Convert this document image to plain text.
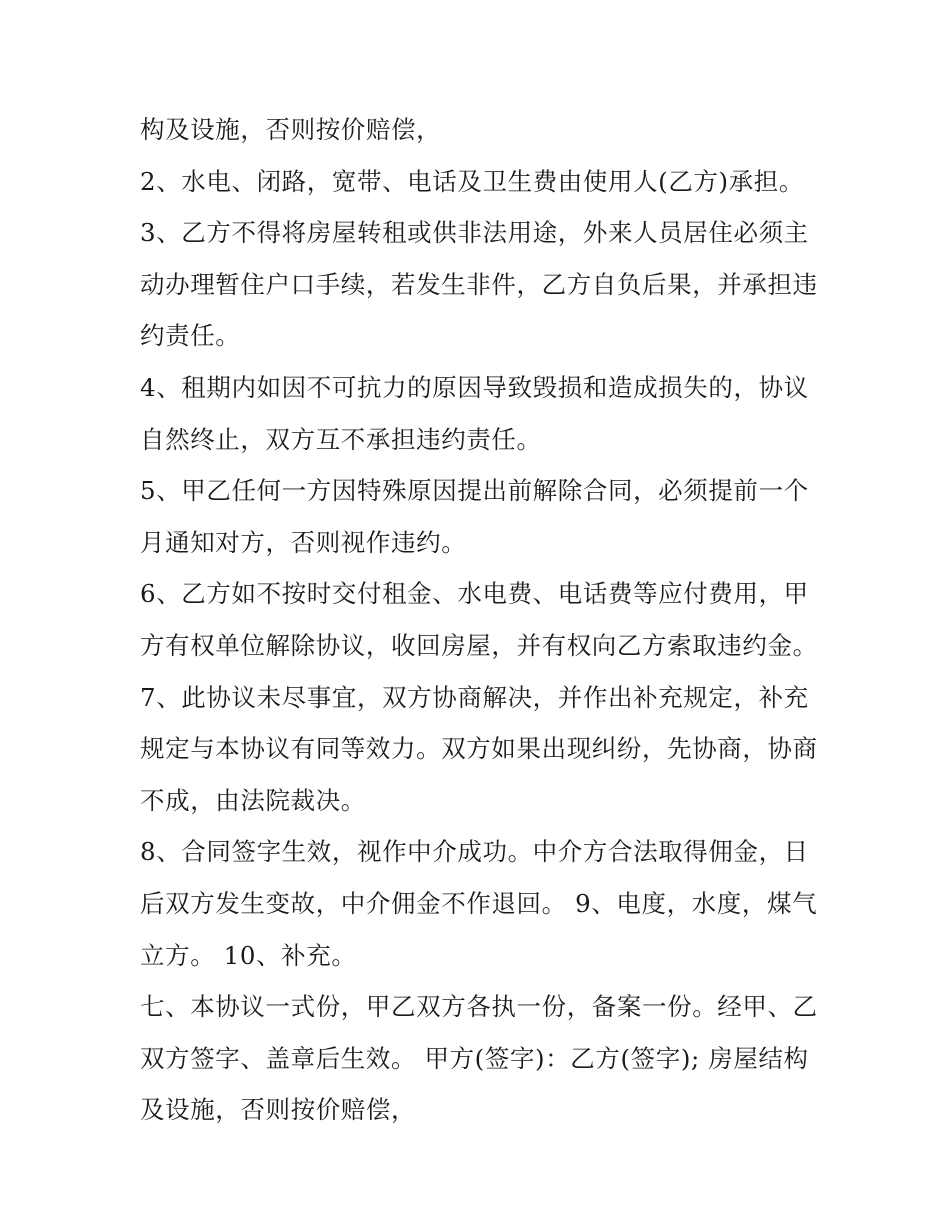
构及设施，否则按价赔偿，
2、水电、闭路，宽带、电话及卫生费由使用人(乙方)承担。
3、乙方不得将房屋转租或供非法用途，外来人员居住必须主
动办理暂住户口手续，若发生非件，乙方自负后果，并承担违
约责任。
4、租期内如因不可抗力的原因导致毁损和造成损失的，协议
自然终止，双方互不承担违约责任。
5、甲乙任何一方因特殊原因提出前解除合同，必须提前一个
月通知对方，否则视作违约。
6、乙方如不按时交付租金、水电费、电话费等应付费用，甲
方有权单位解除协议，收回房屋，并有权向乙方索取违约金。
7、此协议未尽事宜，双方协商解决，并作出补充规定，补充
规定与本协议有同等效力。双方如果出现纠纷，先协商，协商
不成，由法院裁决。
8、合同签字生效，视作中介成功。中介方合法取得佣金，日
后双方发生变故，中介佣金不作退回。 9、电度，水度，煤气
立方。 10、补充。
七、本协议一式份，甲乙双方各执一份，备案一份。经甲、乙
双方签字、盖章后生效。 甲方(签字)：乙方(签字); 房屋结构
及设施，否则按价赔偿，
